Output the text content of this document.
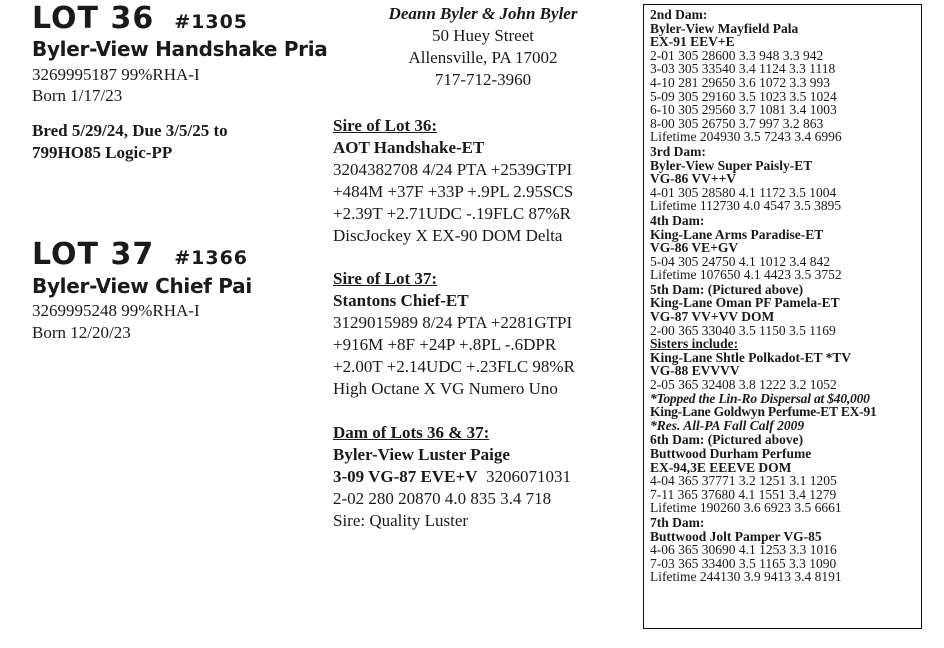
LOT 36 #1305
Byler-View Handshake Pria
3269995187 99%RHA-I
Born 1/17/23
Bred 5/29/24, Due 3/5/25 to
799HO85 Logic-PP
LOT 37 #1366
Byler-View Chief Pai
3269995248 99%RHA-I
Born 12/20/23
Deann Byler & John Byler
50 Huey Street
Allensville, PA 17002
717-712-3960
Sire of Lot 36:
AOT Handshake-ET
3204382708 4/24 PTA +2539GTPI
+484M +37F +33P +.9PL 2.95SCS
+2.39T +2.71UDC -.19FLC 87%R
DiscJockey X EX-90 DOM Delta
Sire of Lot 37:
Stantons Chief-ET
3129015989 8/24 PTA +2281GTPI
+916M +8F +24P +.8PL -.6DPR
+2.00T +2.14UDC +.23FLC 98%R
High Octane X VG Numero Uno
Dam of Lots 36 & 37:
Byler-View Luster Paige
3-09 VG-87 EVE+V 3206071031
2-02 280 20870 4.0 835 3.4 718
Sire: Quality Luster
2nd Dam:
Byler-View Mayfield Pala
EX-91 EEV+E
2-01 305 28600 3.3 948 3.3 942
3-03 305 33540 3.4 1124 3.3 1118
4-10 281 29650 3.6 1072 3.3 993
5-09 305 29160 3.5 1023 3.5 1024
6-10 305 29560 3.7 1081 3.4 1003
8-00 305 26750 3.7 997 3.2 863
Lifetime 204930 3.5 7243 3.4 6996
3rd Dam:
Byler-View Super Paisly-ET
VG-86 VV++V
4-01 305 28580 4.1 1172 3.5 1004
Lifetime 112730 4.0 4547 3.5 3895
4th Dam:
King-Lane Arms Paradise-ET
VG-86 VE+GV
5-04 305 24750 4.1 1012 3.4 842
Lifetime 107650 4.1 4423 3.5 3752
5th Dam: (Pictured above)
King-Lane Oman PF Pamela-ET
VG-87 VV+VV DOM
2-00 365 33040 3.5 1150 3.5 1169
Sisters include:
King-Lane Shtle Polkadot-ET *TV
VG-88 EVVVV
2-05 365 32408 3.8 1222 3.2 1052
*Topped the Lin-Ro Dispersal at $40,000
King-Lane Goldwyn Perfume-ET EX-91
*Res. All-PA Fall Calf 2009
6th Dam: (Pictured above)
Buttwood Durham Perfume
EX-94,3E EEEVE DOM
4-04 365 37771 3.2 1251 3.1 1205
7-11 365 37680 4.1 1551 3.4 1279
Lifetime 190260 3.6 6923 3.5 6661
7th Dam:
Buttwood Jolt Pamper VG-85
4-06 365 30690 4.1 1253 3.3 1016
7-03 365 33400 3.5 1165 3.3 1090
Lifetime 244130 3.9 9413 3.4 8191
